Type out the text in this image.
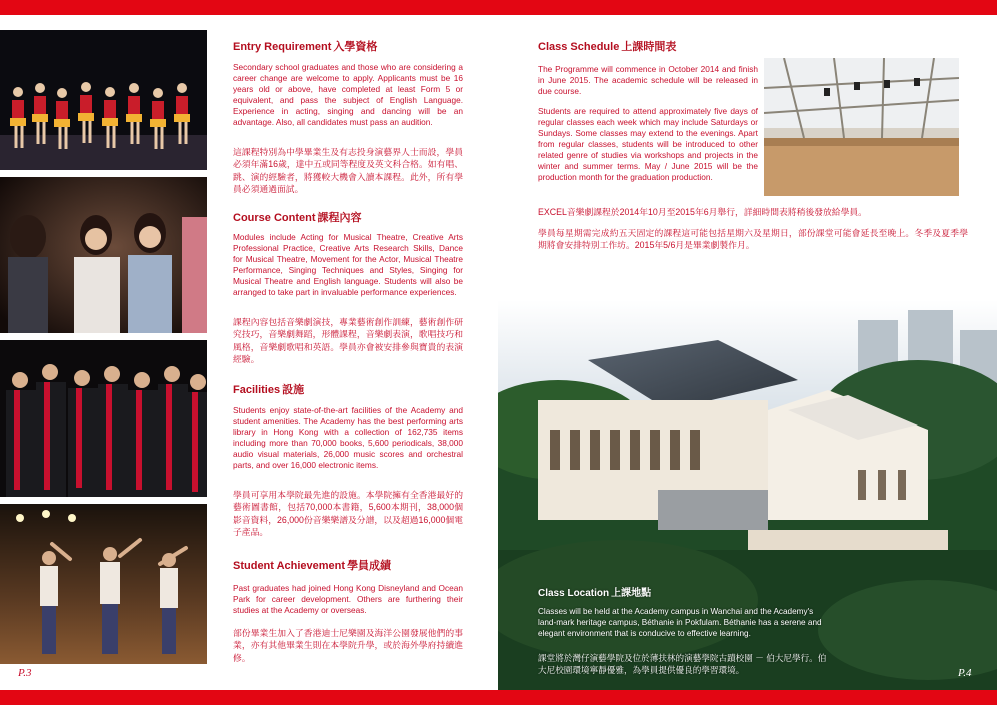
Entry Requirement 入學資格

Secondary school graduates and those who are considering a career change are welcome to apply. Applicants must be 16 years old or above, have completed at least Form 5 or equivalent, and pass the subject of English Language. Experience in acting, singing and dancing will be an advantage. Also, all candidates must pass an audition.

這課程特別為中學畢業生及有志投身演藝界人士而設，學員必須年滿16歲，達中五或同等程度及英文科合格。如有唱、跳、演的經驗者，將獲較大機會入讀本課程。此外，所有學員必須通過面試。

Course Content 課程內容

Modules include Acting for Musical Theatre, Creative Arts Professional Practice, Creative Arts Research Skills, Dance for Musical Theatre, Movement for the Actor, Musical Theatre Performance, Singing Techniques and Styles, Singing for Musical Theatre and English language. Students will also be arranged to take part in invaluable performance experiences.

課程內容包括音樂劇演技，專業藝術創作訓練，藝術創作研究技巧，音樂劇舞蹈，形體課程，音樂劇表演，歌唱技巧和風格，音樂劇歌唱和英語。學員亦會被安排參與寶貴的表演經驗。

Facilities 設施

Students enjoy state-of-the-art facilities of the Academy and student amenities. The Academy has the best performing arts library in Hong Kong with a collection of 162,735 items including more than 70,000 books, 5,600 periodicals, 38,000 audio visual materials, 26,000 music scores and orchestral parts, and over 16,000 electronic items.

學員可享用本學院最先進的設施。本學院擁有全香港最好的藝術圖書館，包括70,000本書籍，5,600本期刊，38,000個影音資料，26,000份音樂樂譜及分譜，以及超過16,000個電子產品。

Student Achievement 學員成績

Past graduates had joined Hong Kong Disneyland and Ocean Park for career development. Others are furthering their studies at the Academy or overseas.

部份畢業生加入了香港迪士尼樂園及海洋公園發展他們的事業，亦有其他畢業生則在本學院升學，或於海外學府持續進修。

P.3

Class Schedule 上課時間表

The Programme will commence in October 2014 and finish in June 2015. The academic schedule will be released in due course.

Students are required to attend approximately five days of regular classes each week which may include Saturdays or Sundays. Some classes may extend to the evenings. Apart from regular classes, students will be introduced to other related genre of studies via workshops and projects in the winter and summer terms. May / June 2015 will be the production month for the graduation production.

EXCEL音樂劇課程於2014年10月至2015年6月舉行，詳細時間表將稍後發放給學員。

學員每星期需完成約五天固定的課程這可能包括星期六及星期日，部份課堂可能會延長至晚上。冬季及夏季學期將會安排特別工作坊。2015年5/6月是畢業劇製作月。

Class Location 上課地點

Classes will be held at the Academy campus in Wanchai and the Academy's land-mark heritage campus, Béthanie in Pokfulam. Béthanie has a serene and elegant environment that is conducive to effective learning.

課堂將於灣仔演藝學院及位於薄扶林的演藝學院古蹟校園 － 伯大尼學行。伯大尼校園環境寧靜優雅，為學員提供優良的學習環境。	P.4
